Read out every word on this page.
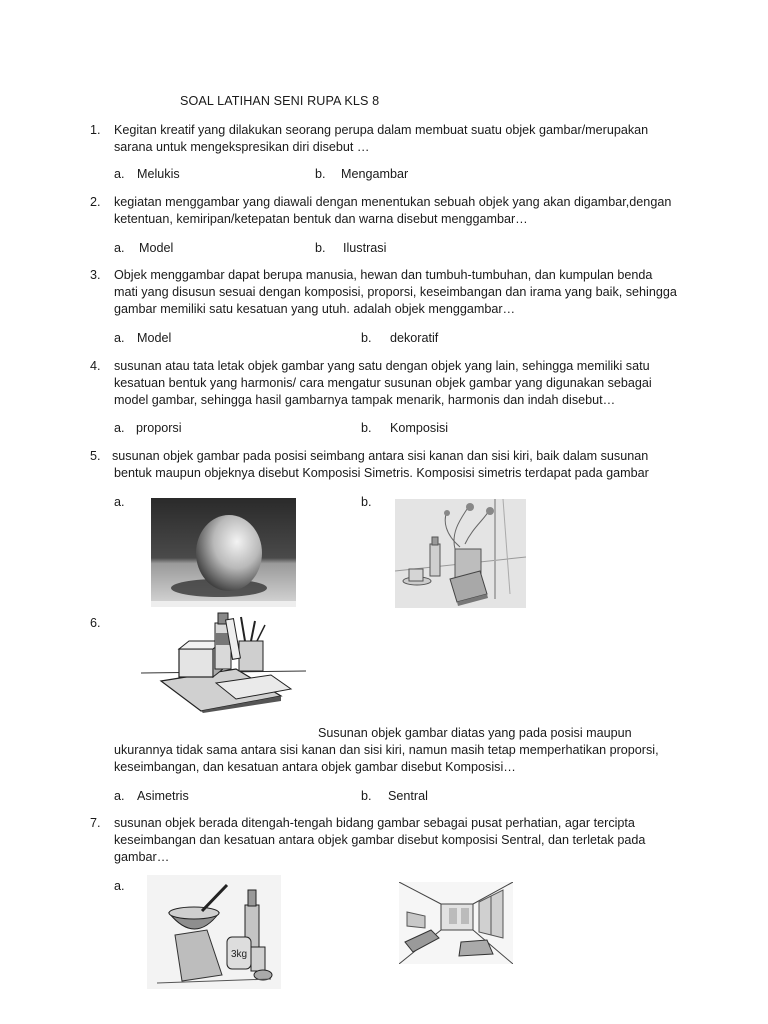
SOAL LATIHAN SENI RUPA KLS 8
1. Kegitan kreatif yang dilakukan seorang perupa dalam membuat suatu objek gambar/merupakan
sarana untuk mengekspresikan diri disebut …
a. Melukis	b. Mengambar
2. kegiatan menggambar yang diawali dengan menentukan sebuah objek yang akan digambar,dengan
ketentuan, kemiripan/ketepatan bentuk dan warna disebut menggambar…
a. Model	b. Ilustrasi
3. Objek menggambar dapat berupa manusia, hewan dan tumbuh-tumbuhan, dan kumpulan benda
mati yang disusun sesuai dengan komposisi, proporsi, keseimbangan dan irama yang baik, sehingga
gambar memiliki satu kesatuan yang utuh. adalah objek menggambar…
a. Model	b. dekoratif
4. susunan atau tata letak objek gambar yang satu dengan objek yang lain, sehingga memiliki satu
kesatuan bentuk yang harmonis/ cara mengatur susunan objek gambar yang digunakan sebagai
model gambar, sehingga hasil gambarnya tampak menarik, harmonis dan indah disebut…
a. proporsi	b. Komposisi
5. susunan objek gambar pada posisi seimbang antara sisi kanan dan sisi kiri, baik dalam susunan
bentuk maupun objeknya disebut Komposisi Simetris. Komposisi simetris terdapat pada gambar
a.	b.
6.
Susunan objek gambar diatas yang pada posisi maupun
ukurannya tidak sama antara sisi kanan dan sisi kiri, namun masih tetap memperhatikan proporsi,
keseimbangan, dan kesatuan antara objek gambar disebut Komposisi…
a. Asimetris	b. Sentral
7. susunan objek berada ditengah-tengah bidang gambar sebagai pusat perhatian, agar tercipta
keseimbangan dan kesatuan antara objek gambar disebut komposisi Sentral, dan terletak pada
gambar…
a.
3kg
